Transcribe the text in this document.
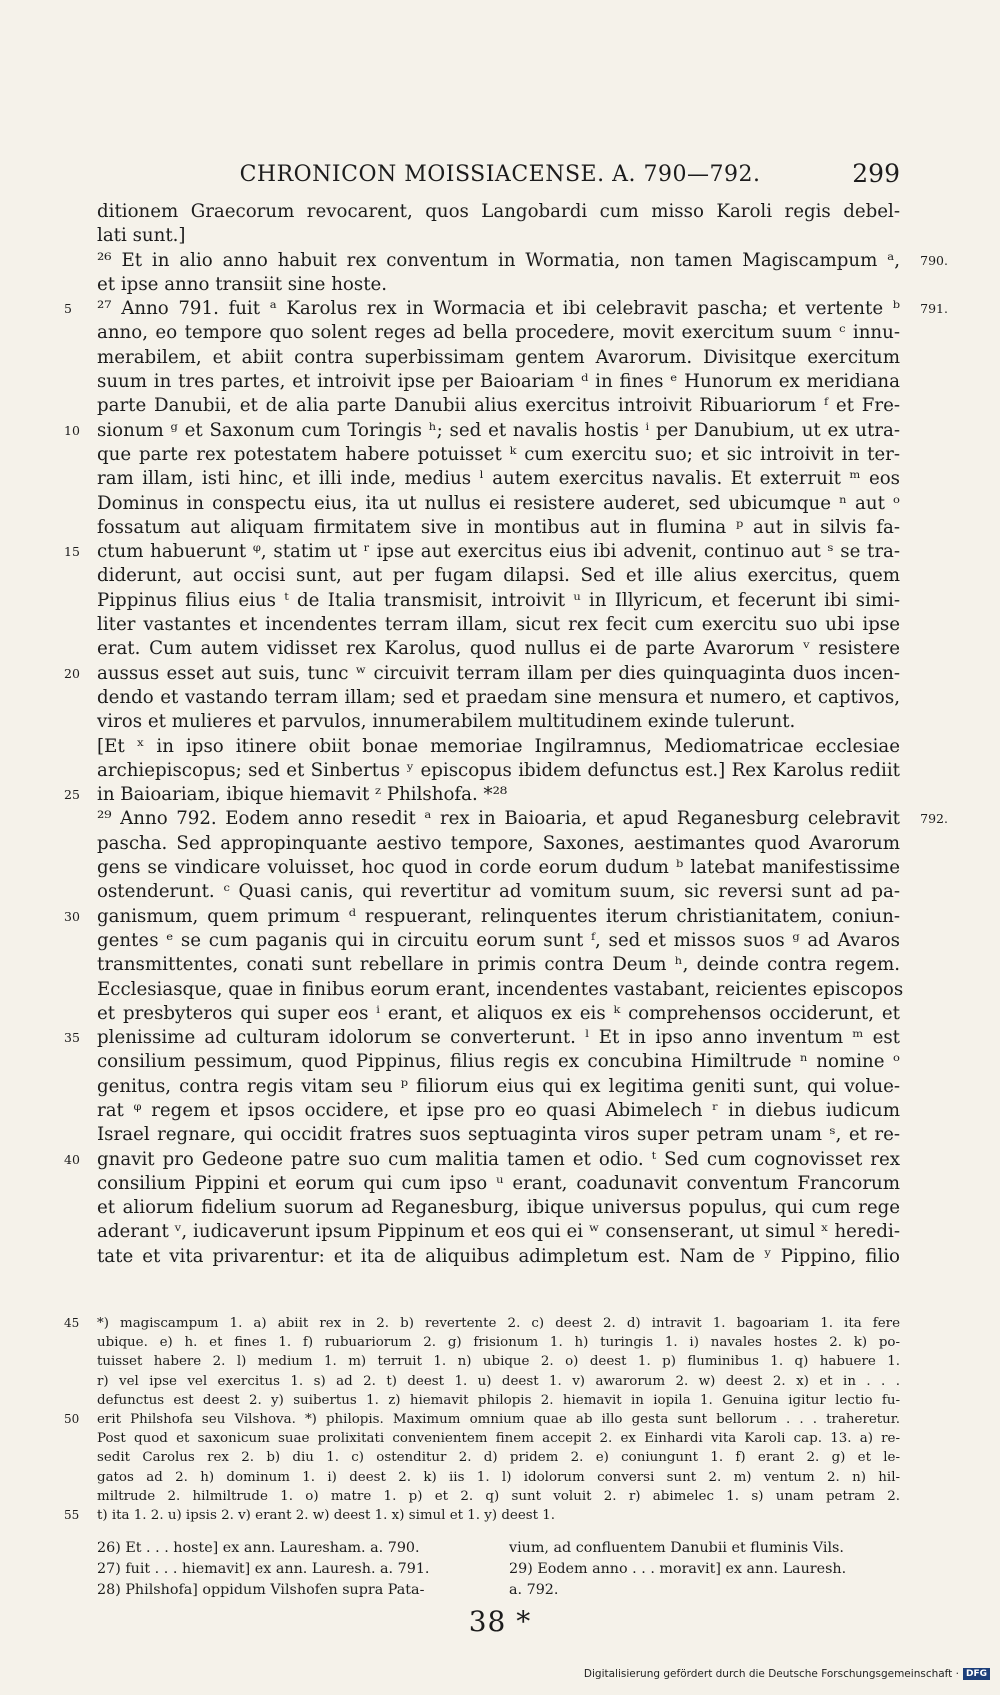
CHRONICON MOISSIACENSE. A. 790—792.	299
ditionem Graecorum revocarent, quos Langobardi cum misso Karoli regis debel-
lati sunt.]
²⁶ Et in alio anno habuit rex conventum in Wormatia, non tamen Magiscampum ᵃ, 790.
et ipse anno transiit sine hoste.
²⁷ Anno 791. fuit ᵃ Karolus rex in Wormacia et ibi celebravit pascha; et vertente ᵇ
5	791.
anno, eo tempore quo solent reges ad bella procedere, movit exercitum suum ᶜ innu-
merabilem, et abiit contra superbissimam gentem Avarorum. Divisitque exercitum
suum in tres partes, et introivit ipse per Baioariam ᵈ in fines ᵉ Hunorum ex meridiana
parte Danubii, et de alia parte Danubii alius exercitus introivit Ribuariorum ᶠ et Fre-
sionum ᵍ et Saxonum cum Toringis ʰ; sed et navalis hostis ⁱ per Danubium, ut ex utra-
10
que parte rex potestatem habere potuisset ᵏ cum exercitu suo; et sic introivit in ter-
ram illam, isti hinc, et illi inde, medius ˡ autem exercitus navalis. Et exterruit ᵐ eos
Dominus in conspectu eius, ita ut nullus ei resistere auderet, sed ubicumque ⁿ aut ᵒ
fossatum aut aliquam firmitatem sive in montibus aut in flumina ᵖ aut in silvis fa-
ctum habuerunt ᵠ, statim ut ʳ ipse aut exercitus eius ibi advenit, continuo aut ˢ se tra-
15
diderunt, aut occisi sunt, aut per fugam dilapsi. Sed et ille alius exercitus, quem
Pippinus filius eius ᵗ de Italia transmisit, introivit ᵘ in Illyricum, et fecerunt ibi simi-
liter vastantes et incendentes terram illam, sicut rex fecit cum exercitu suo ubi ipse
erat. Cum autem vidisset rex Karolus, quod nullus ei de parte Avarorum ᵛ resistere
aussus esset aut suis, tunc ʷ circuivit terram illam per dies quinquaginta duos incen-
20
dendo et vastando terram illam; sed et praedam sine mensura et numero, et captivos,
viros et mulieres et parvulos, innumerabilem multitudinem exinde tulerunt.
[Et ˣ in ipso itinere obiit bonae memoriae Ingilramnus, Mediomatricae ecclesiae
archiepiscopus; sed et Sinbertus ʸ episcopus ibidem defunctus est.] Rex Karolus rediit
in Baioariam, ibique hiemavit ᶻ Philshofa. *²⁸
25
²⁹ Anno 792. Eodem anno resedit ᵃ rex in Baioaria, et apud Reganesburg celebravit 792.
pascha. Sed appropinquante aestivo tempore, Saxones, aestimantes quod Avarorum
gens se vindicare voluisset, hoc quod in corde eorum dudum ᵇ latebat manifestissime
ostenderunt. ᶜ Quasi canis, qui revertitur ad vomitum suum, sic reversi sunt ad pa-
ganismum, quem primum ᵈ respuerant, relinquentes iterum christianitatem, coniun-
30
gentes ᵉ se cum paganis qui in circuitu eorum sunt ᶠ, sed et missos suos ᵍ ad Avaros
transmittentes, conati sunt rebellare in primis contra Deum ʰ, deinde contra regem.
Ecclesiasque, quae in finibus eorum erant, incendentes vastabant, reicientes episcopos
et presbyteros qui super eos ⁱ erant, et aliquos ex eis ᵏ comprehensos occiderunt, et
plenissime ad culturam idolorum se converterunt. ˡ Et in ipso anno inventum ᵐ est
35
consilium pessimum, quod Pippinus, filius regis ex concubina Himiltrude ⁿ nomine ᵒ
genitus, contra regis vitam seu ᵖ filiorum eius qui ex legitima geniti sunt, qui volue-
rat ᵠ regem et ipsos occidere, et ipse pro eo quasi Abimelech ʳ in diebus iudicum
Israel regnare, qui occidit fratres suos septuaginta viros super petram unam ˢ, et re-
gnavit pro Gedeone patre suo cum malitia tamen et odio. ᵗ Sed cum cognovisset rex
40
consilium Pippini et eorum qui cum ipso ᵘ erant, coadunavit conventum Francorum
et aliorum fidelium suorum ad Reganesburg, ibique universus populus, qui cum rege
aderant ᵛ, iudicaverunt ipsum Pippinum et eos qui ei ʷ consenserant, ut simul ˣ heredi-
tate et vita privarentur: et ita de aliquibus adimpletum est. Nam de ʸ Pippino, filio
*) magiscampum 1. a) abiit rex in 2. b) revertente 2. c) deest 2. d) intravit 1. bagoariam 1. ita fere
45
ubique. e) h. et fines 1. f) rubuariorum 2. g) frisionum 1. h) turingis 1. i) navales hostes 2. k) po-
tuisset habere 2. l) medium 1. m) terruit 1. n) ubique 2. o) deest 1. p) fluminibus 1. q) habuere 1.
r) vel ipse vel exercitus 1. s) ad 2. t) deest 1. u) deest 1. v) awarorum 2. w) deest 2. x) et in . . .
defunctus est deest 2. y) suibertus 1. z) hiemavit philopis 2. hiemavit in iopila 1. Genuina igitur lectio fu-
erit Philshofa seu Vilshova. *) philopis. Maximum omnium quae ab illo gesta sunt bellorum . . . traheretur.
50
Post quod et saxonicum suae prolixitati convenientem finem accepit 2. ex Einhardi vita Karoli cap. 13. a) re-
sedit Carolus rex 2. b) diu 1. c) ostenditur 2. d) pridem 2. e) coniungunt 1. f) erant 2. g) et le-
gatos ad 2. h) dominum 1. i) deest 2. k) iis 1. l) idolorum conversi sunt 2. m) ventum 2. n) hil-
miltrude 2. hilmiltrude 1. o) matre 1. p) et 2. q) sunt voluit 2. r) abimelec 1. s) unam petram 2.
t) ita 1. 2. u) ipsis 2. v) erant 2. w) deest 1. x) simul et 1. y) deest 1.
55
26) Et . . . hoste] ex ann. Lauresham. a. 790.
27) fuit . . . hiemavit] ex ann. Lauresh. a. 791.
28) Philshofa] oppidum Vilshofen supra Pata-
vium, ad confluentem Danubii et fluminis Vils.
29) Eodem anno . . . moravit] ex ann. Lauresh.
a. 792.
38 *
Digitalisierung gefördert durch die Deutsche Forschungsgemeinschaft · DFG
